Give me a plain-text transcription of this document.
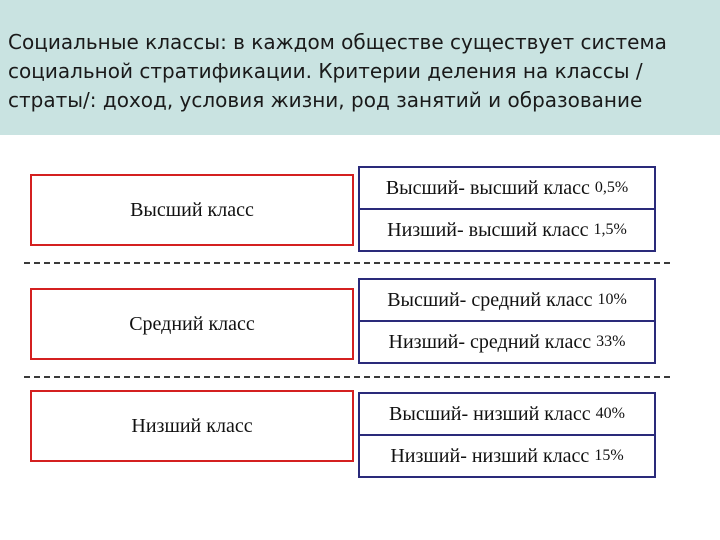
Социальные классы: в каждом обществе существует система социальной стратификации. Критерии деления на классы /страты/: доход, условия жизни, род занятий и образование

Высший класс
Высший- высший класс 0,5%
Низший- высший класс 1,5%
Средний класс
Высший- средний класс 10%
Низший- средний класс 33%
Низший класс
Высший- низший класс 40%
Низший- низший класс 15%
